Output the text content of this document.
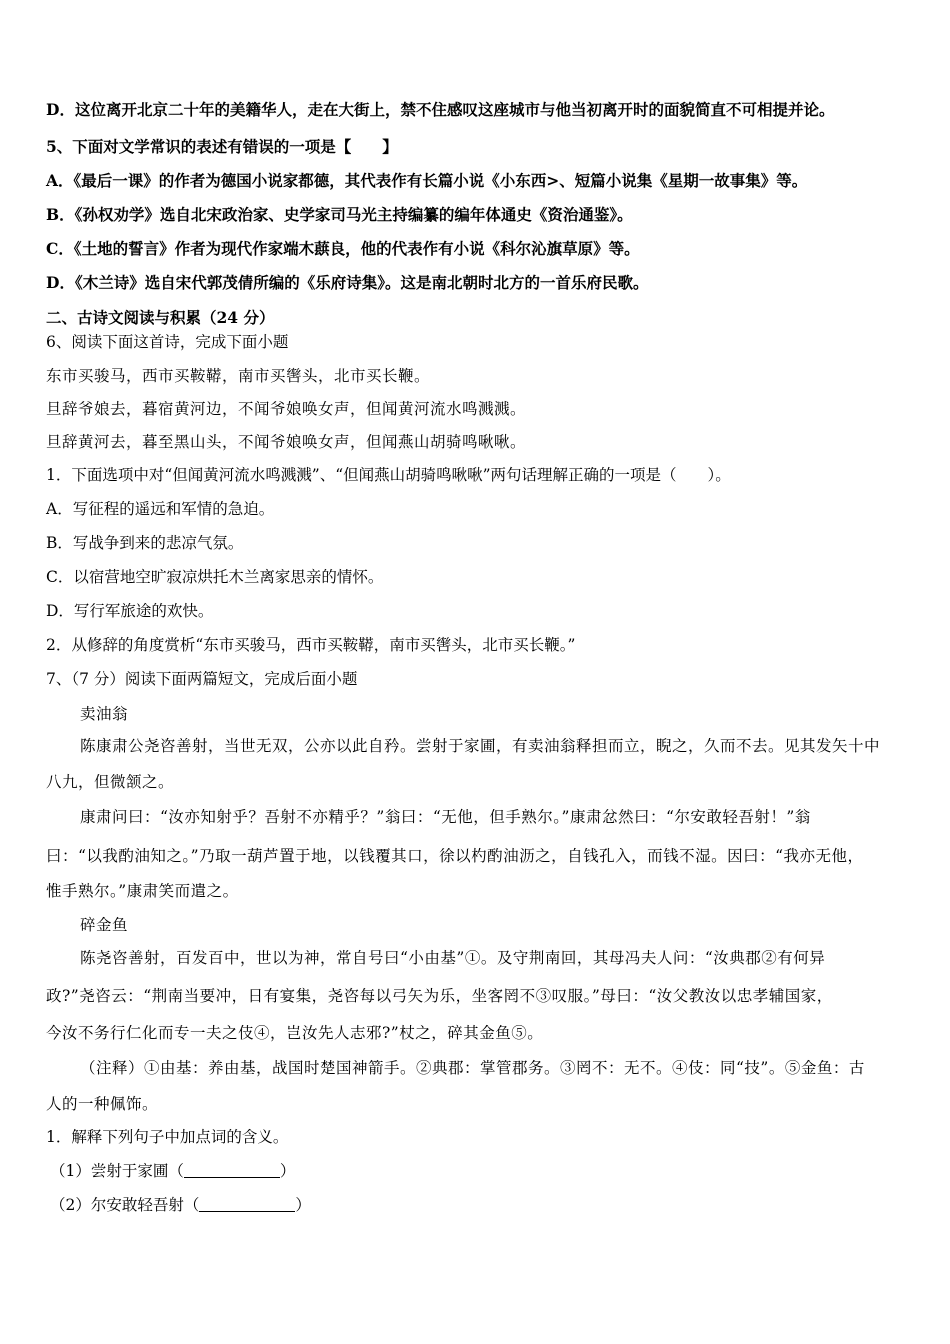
D．这位离开北京二十年的美籍华人，走在大街上，禁不住感叹这座城市与他当初离开时的面貌简直不可相提并论。
5、下面对文学常识的表述有错误的一项是【　　】
A．《最后一课》的作者为德国小说家都德，其代表作有长篇小说《小东西>、短篇小说集《星期一故事集》等。
B．《孙权劝学》选自北宋政治家、史学家司马光主持编纂的编年体通史《资治通鉴》。
C．《土地的誓言》作者为现代作家端木蕻良，他的代表作有小说《科尔沁旗草原》等。
D．《木兰诗》选自宋代郭茂倩所编的《乐府诗集》。这是南北朝时北方的一首乐府民歌。
二、古诗文阅读与积累（24 分）
6、阅读下面这首诗，完成下面小题
东市买骏马，西市买鞍鞯，南市买辔头，北市买长鞭。
旦辞爷娘去，暮宿黄河边，不闻爷娘唤女声，但闻黄河流水鸣溅溅。
旦辞黄河去，暮至黑山头，不闻爷娘唤女声，但闻燕山胡骑鸣啾啾。
1．下面选项中对“但闻黄河流水鸣溅溅”、“但闻燕山胡骑鸣啾啾”两句话理解正确的一项是（　　）。
A．写征程的遥远和军情的急迫。
B．写战争到来的悲凉气氛。
C．以宿营地空旷寂凉烘托木兰离家思亲的情怀。
D．写行军旅途的欢快。
2．从修辞的角度赏析“东市买骏马，西市买鞍鞯，南市买辔头，北市买长鞭。”
7、（7 分）阅读下面两篇短文，完成后面小题
卖油翁
陈康肃公尧咨善射，当世无双，公亦以此自矜。尝射于家圃，有卖油翁释担而立，睨之，久而不去。见其发矢十中
八九，但微颔之。
康肃问曰：“汝亦知射乎？吾射不亦精乎？”翁曰：“无他，但手熟尔。”康肃忿然曰：“尔安敢轻吾射！”翁
曰：“以我酌油知之。”乃取一葫芦置于地，以钱覆其口，徐以杓酌油沥之，自钱孔入，而钱不湿。因曰：“我亦无他，
惟手熟尔。”康肃笑而遣之。
碎金鱼
陈尧咨善射，百发百中，世以为神，常自号曰“小由基”①。及守荆南回，其母冯夫人问：“汝典郡②有何异
政?”尧咨云：“荆南当要冲，日有宴集，尧咨每以弓矢为乐，坐客罔不③叹服。”母曰：“汝父教汝以忠孝辅国家，
今汝不务行仁化而专一夫之伎④，岂汝先人志邪?”杖之，碎其金鱼⑤。
（注释）①由基：养由基，战国时楚国神箭手。②典郡：掌管郡务。③罔不：无不。④伎：同“技”。⑤金鱼：古
人的一种佩饰。
1．解释下列句子中加点词的含义。
（1）尝射于家圃（	）
（2）尔安敢轻吾射（	）
